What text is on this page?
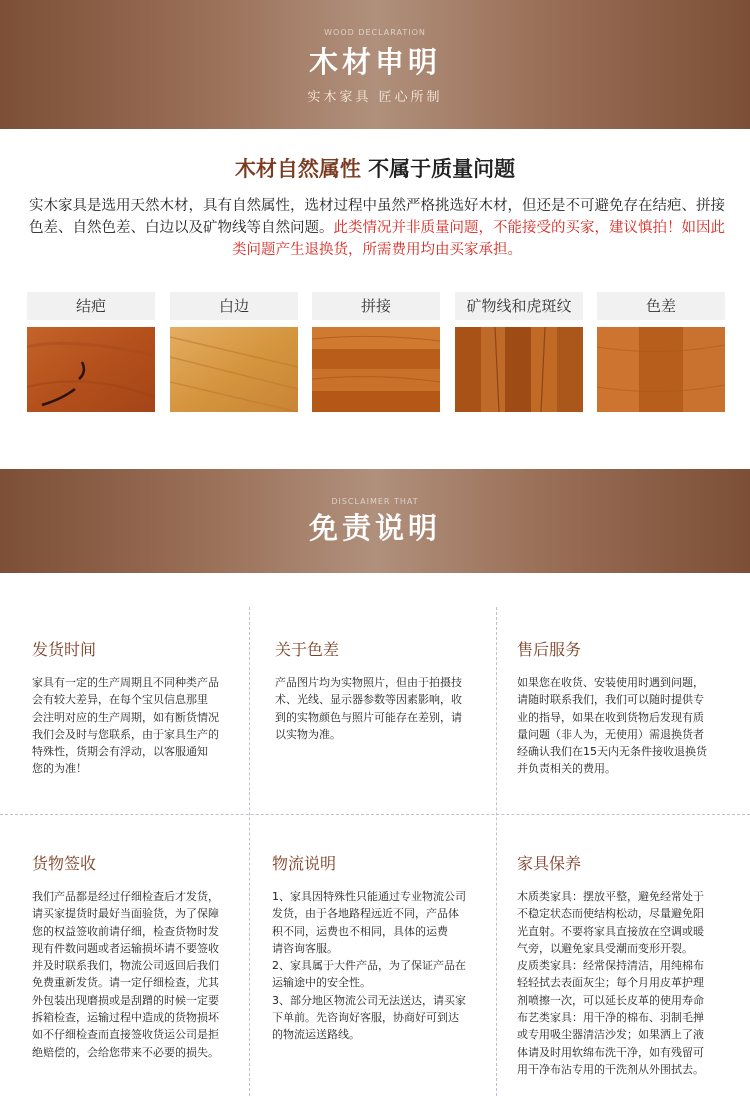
WOOD DECLARATION
木材申明
实木家具 匠心所制
木材自然属性 不属于质量问题
实木家具是选用天然木材，具有自然属性，选材过程中虽然严格挑选好木材，但还是不可避免存在结疤、拼接色差、自然色差、白边以及矿物线等自然问题。此类情况并非质量问题，不能接受的买家，建议慎拍！如因此类问题产生退换货，所需费用均由买家承担。
结疤	白边	拼接	矿物线和虎斑纹	色差
DISCLAIMER THAT
免责说明
发货时间
家具有一定的生产周期且不同种类产品
会有较大差异，在每个宝贝信息那里
会注明对应的生产周期，如有断货情况
我们会及时与您联系，由于家具生产的
特殊性，货期会有浮动，以客服通知
您的为准！
关于色差
产品图片均为实物照片，但由于拍摄技
术、光线、显示器参数等因素影响，收
到的实物颜色与照片可能存在差别，请
以实物为准。
售后服务
如果您在收货、安装使用时遇到问题，
请随时联系我们，我们可以随时提供专
业的指导，如果在收到货物后发现有质
量问题（非人为，无使用）需退换货者
经确认我们在15天内无条件接收退换货
并负责相关的费用。
货物签收
我们产品都是经过仔细检查后才发货，
请买家提货时最好当面验货，为了保障
您的权益签收前请仔细，检查货物时发
现有件数问题或者运输损坏请不要签收
并及时联系我们，物流公司返回后我们
免费重新发货。请一定仔细检查，尤其
外包装出现磨损或是刮蹭的时候一定要
拆箱检查，运输过程中造成的货物损坏
如不仔细检查而直接签收货运公司是拒
绝赔偿的，会给您带来不必要的损失。
物流说明
1、家具因特殊性只能通过专业物流公司
发货，由于各地路程远近不同，产品体
积不同，运费也不相同，具体的运费
请咨询客服。
2、家具属于大件产品，为了保证产品在
运输途中的安全性。
3、部分地区物流公司无法送达，请买家
下单前。先咨询好客服，协商好可到达
的物流运送路线。
家具保养
木质类家具：摆放平整，避免经常处于
不稳定状态而使结构松动，尽量避免阳
光直射。不要将家具直接放在空调或暖
气旁，以避免家具受潮而变形开裂。
皮质类家具：经常保持清洁，用纯棉布
轻轻拭去表面灰尘；每个月用皮革护理
剂喷擦一次，可以延长皮革的使用寿命
布艺类家具：用干净的棉布、羽制毛掸
或专用吸尘器清洁沙发；如果洒上了液
体请及时用软绵布洗干净，如有残留可
用干净布沾专用的干洗剂从外围拭去。
